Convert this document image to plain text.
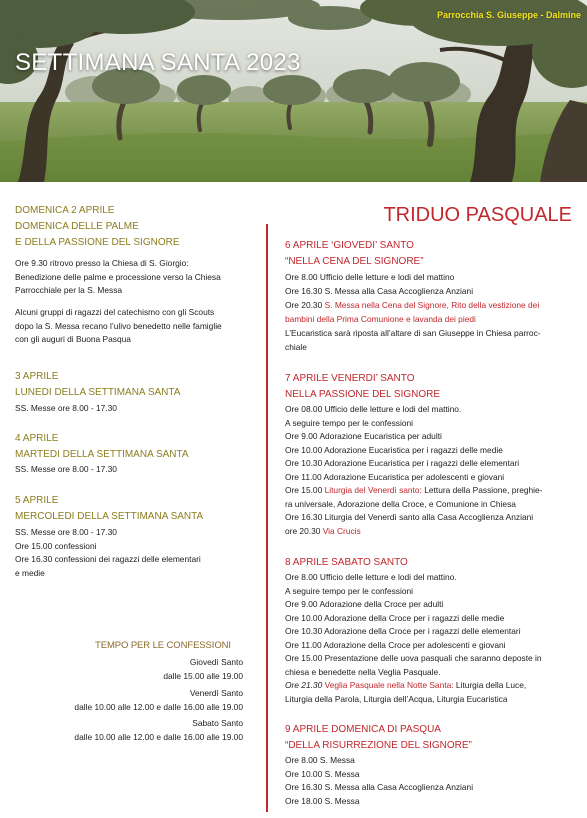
Parrocchia S. Giuseppe - Dalmine
SETTIMANA SANTA 2023
DOMENICA 2 APRILE
DOMENICA DELLE PALME
E DELLA PASSIONE DEL SIGNORE
Ore 9.30 ritrovo presso la Chiesa di S. Giorgio:
Benedizione delle palme e processione verso la Chiesa
Parrocchiale per la S. Messa
Alcuni gruppi di ragazzi del catechismo con gli Scouts
dopo la S. Messa recano l’ulivo benedetto nelle famiglie
con gli auguri di Buona Pasqua
3 APRILE
LUNEDI DELLA SETTIMANA SANTA
SS. Messe ore 8.00 - 17.30
4 APRILE
MARTEDI DELLA SETTIMANA SANTA
SS. Messe ore 8.00 - 17.30
5 APRILE
MERCOLEDI DELLA SETTIMANA SANTA
SS. Messe ore 8.00 - 17.30
Ore 15.00 confessioni
Ore 16.30 confessioni dei ragazzi delle elementari
e medie
TEMPO PER LE CONFESSIONI
Giovedì Santo
dalle 15.00 alle 19.00
Venerdì Santo
dalle 10.00 alle 12.00 e dalle 16.00 alle 19.00
Sabato Santo
dalle 10.00 alle 12.00 e dalle 16.00 alle 19.00
TRIDUO PASQUALE
6 APRILE ‘GIOVEDI’ SANTO
“NELLA CENA DEL SIGNORE”
Ore 8.00 Ufficio delle letture e lodi del mattino
Ore 16.30 S. Messa alla Casa Accoglienza Anziani
Ore 20.30 S. Messa nella Cena del Signore, Rito della vestizione dei
bambini della Prima Comunione e lavanda dei piedi
L’Eucaristica sarà riposta all’altare di san Giuseppe in Chiesa parroc-
chiale
7 APRILE VENERDI’ SANTO
NELLA PASSIONE DEL SIGNORE
Ore 08.00 Ufficio delle letture e lodi del mattino.
A seguire tempo per le confessioni
Ore 9.00 Adorazione Eucaristica per adulti
Ore 10.00 Adorazione Eucaristica per i ragazzi delle medie
Ore 10.30 Adorazione Eucaristica per i ragazzi delle elementari
Ore 11.00 Adorazione Eucaristica per adolescenti e giovani
Ore 15.00 Liturgia del Venerdì santo: Lettura della Passione, preghie-
ra universale, Adorazione della Croce, e Comunione in Chiesa
Ore 16.30 Liturgia del Venerdì santo alla Casa Accoglienza Anziani
ore 20.30 Via Crucis
8 APRILE SABATO SANTO
Ore 8.00 Ufficio delle letture e lodi del mattino.
A seguire tempo per le confessioni
Ore 9.00 Adorazione della Croce per adulti
Ore 10.00 Adorazione della Croce per i ragazzi delle medie
Ore 10.30 Adorazione della Croce per i ragazzi delle elementari
Ore 11.00 Adorazione della Croce per adolescenti e giovani
Ore 15.00 Presentazione delle uova pasquali che saranno deposte in
chiesa e benedette nella Veglia Pasquale.
Ore 21.30 Veglia Pasquale nella Notte Santa: Liturgia della Luce,
Liturgia della Parola, Liturgia dell’Acqua, Liturgia Eucaristica
9 APRILE DOMENICA DI PASQUA
“DELLA RISURREZIONE DEL SIGNORE”
Ore 8.00 S. Messa
Ore 10.00 S. Messa
Ore 16.30 S. Messa alla Casa Accoglienza Anziani
Ore 18.00 S. Messa
